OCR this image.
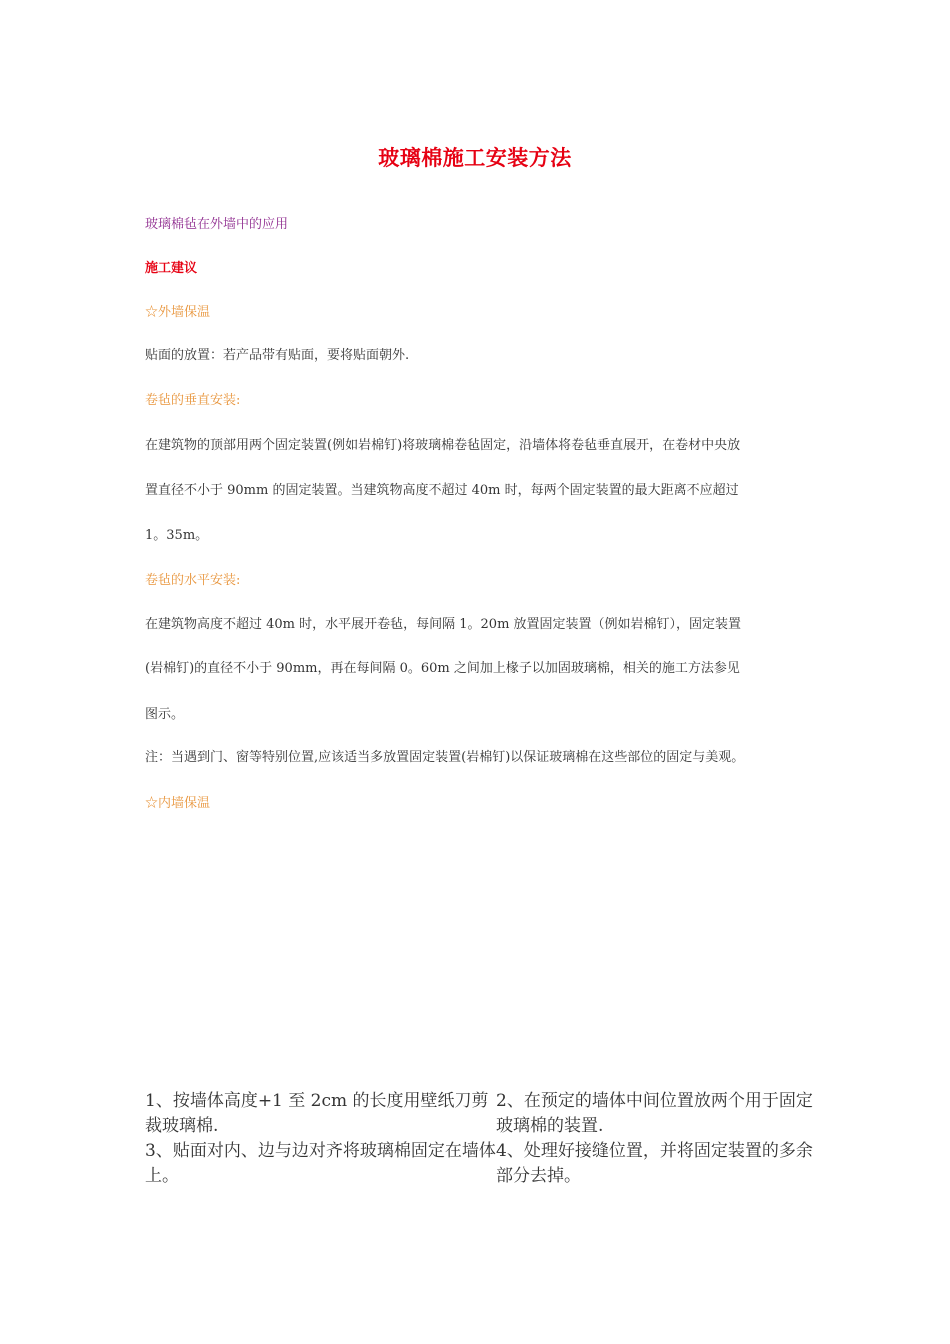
玻璃棉施工安装方法
玻璃棉毡在外墙中的应用
施工建议
☆外墙保温
贴面的放置：若产品带有贴面，要将贴面朝外.
卷毡的垂直安装:
在建筑物的顶部用两个固定装置(例如岩棉钉)将玻璃棉卷毡固定，沿墙体将卷毡垂直展开，在卷材中央放
置直径不小于 90mm 的固定装置。当建筑物高度不超过 40m 时，每两个固定装置的最大距离不应超过
1。35m。
卷毡的水平安装:
在建筑物高度不超过 40m 时，水平展开卷毡，每间隔 1。20m 放置固定装置（例如岩棉钉），固定装置
(岩棉钉)的直径不小于 90mm，再在每间隔 0。60m 之间加上椽子以加固玻璃棉，相关的施工方法参见
图示。
注：当遇到门、窗等特别位置,应该适当多放置固定装置(岩棉钉)以保证玻璃棉在这些部位的固定与美观。
☆内墙保温
1、按墙体高度+1 至 2cm 的长度用壁纸刀剪裁玻璃棉.
2、在预定的墙体中间位置放两个用于固定玻璃棉的装置.
3、贴面对内、边与边对齐将玻璃棉固定在墙体上。
4、处理好接缝位置，并将固定装置的多余部分去掉。
